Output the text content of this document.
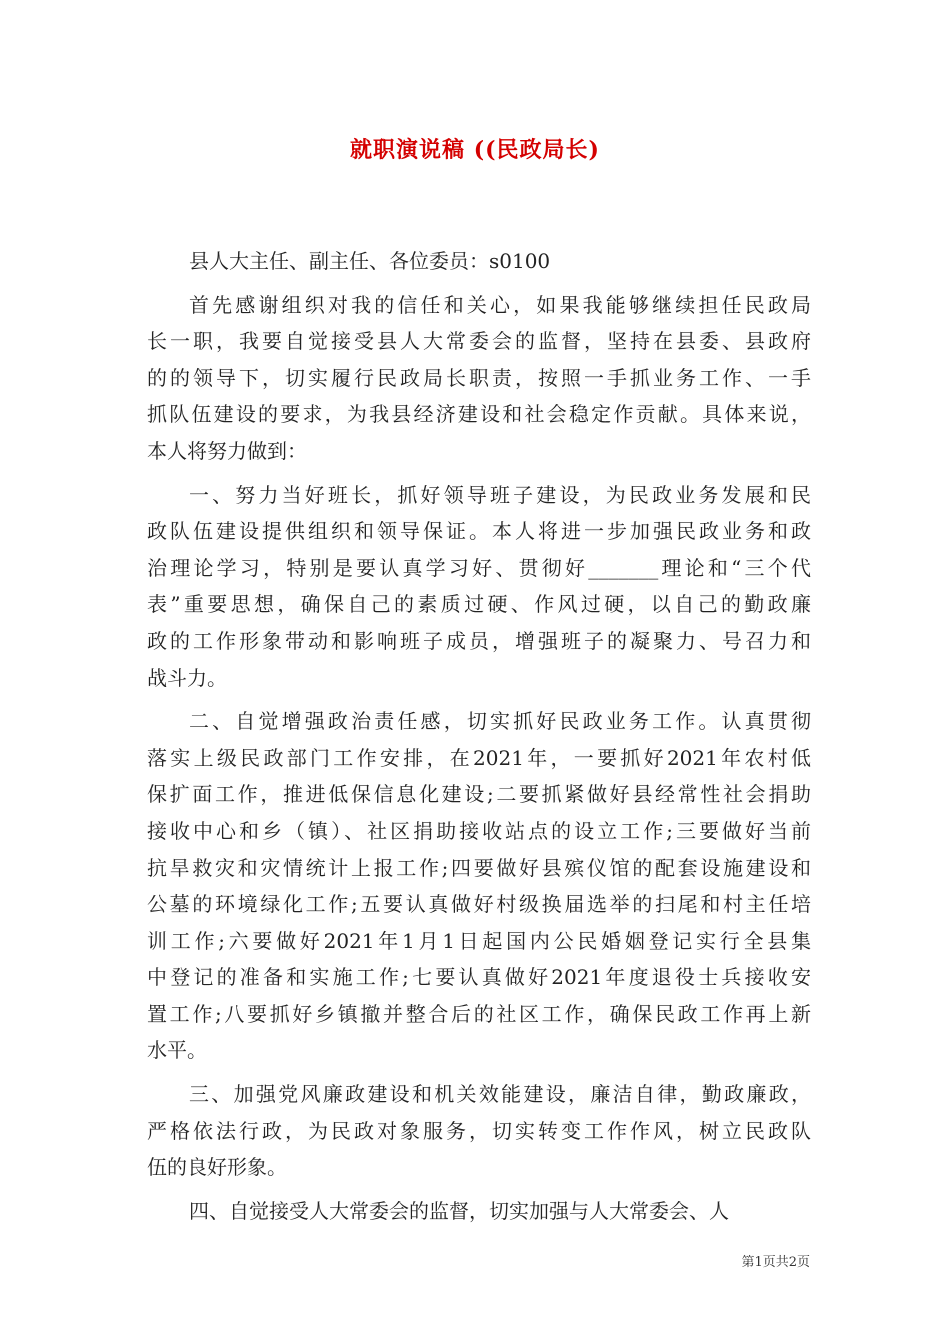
就职演说稿 ((民政局长)
县人大主任、副主任、各位委员：s0100
首先感谢组织对我的信任和关心，如果我能够继续担任民政局
长一职，我要自觉接受县人大常委会的监督，坚持在县委、县政府
的的领导下，切实履行民政局长职责，按照一手抓业务工作、一手
抓队伍建设的要求，为我县经济建设和社会稳定作贡献。具体来说，
本人将努力做到：
一、努力当好班长，抓好领导班子建设，为民政业务发展和民
政队伍建设提供组织和领导保证。本人将进一步加强民政业务和政
治理论学习，特别是要认真学习好、贯彻好_______理论和“三个代
表”重要思想，确保自己的素质过硬、作风过硬，以自己的勤政廉
政的工作形象带动和影响班子成员，增强班子的凝聚力、号召力和
战斗力。
二、自觉增强政治责任感，切实抓好民政业务工作。认真贯彻
落实上级民政部门工作安排，在2021年，一要抓好2021年农村低
保扩面工作，推进低保信息化建设;二要抓紧做好县经常性社会捐助
接收中心和乡（镇）、社区捐助接收站点的设立工作;三要做好当前
抗旱救灾和灾情统计上报工作;四要做好县殡仪馆的配套设施建设和
公墓的环境绿化工作;五要认真做好村级换届选举的扫尾和村主任培
训工作;六要做好2021年1月1日起国内公民婚姻登记实行全县集
中登记的准备和实施工作;七要认真做好2021年度退役士兵接收安
置工作;八要抓好乡镇撤并整合后的社区工作，确保民政工作再上新
水平。
三、加强党风廉政建设和机关效能建设，廉洁自律，勤政廉政，
严格依法行政，为民政对象服务，切实转变工作作风，树立民政队
伍的良好形象。
四、自觉接受人大常委会的监督，切实加强与人大常委会、人
第1页共2页
